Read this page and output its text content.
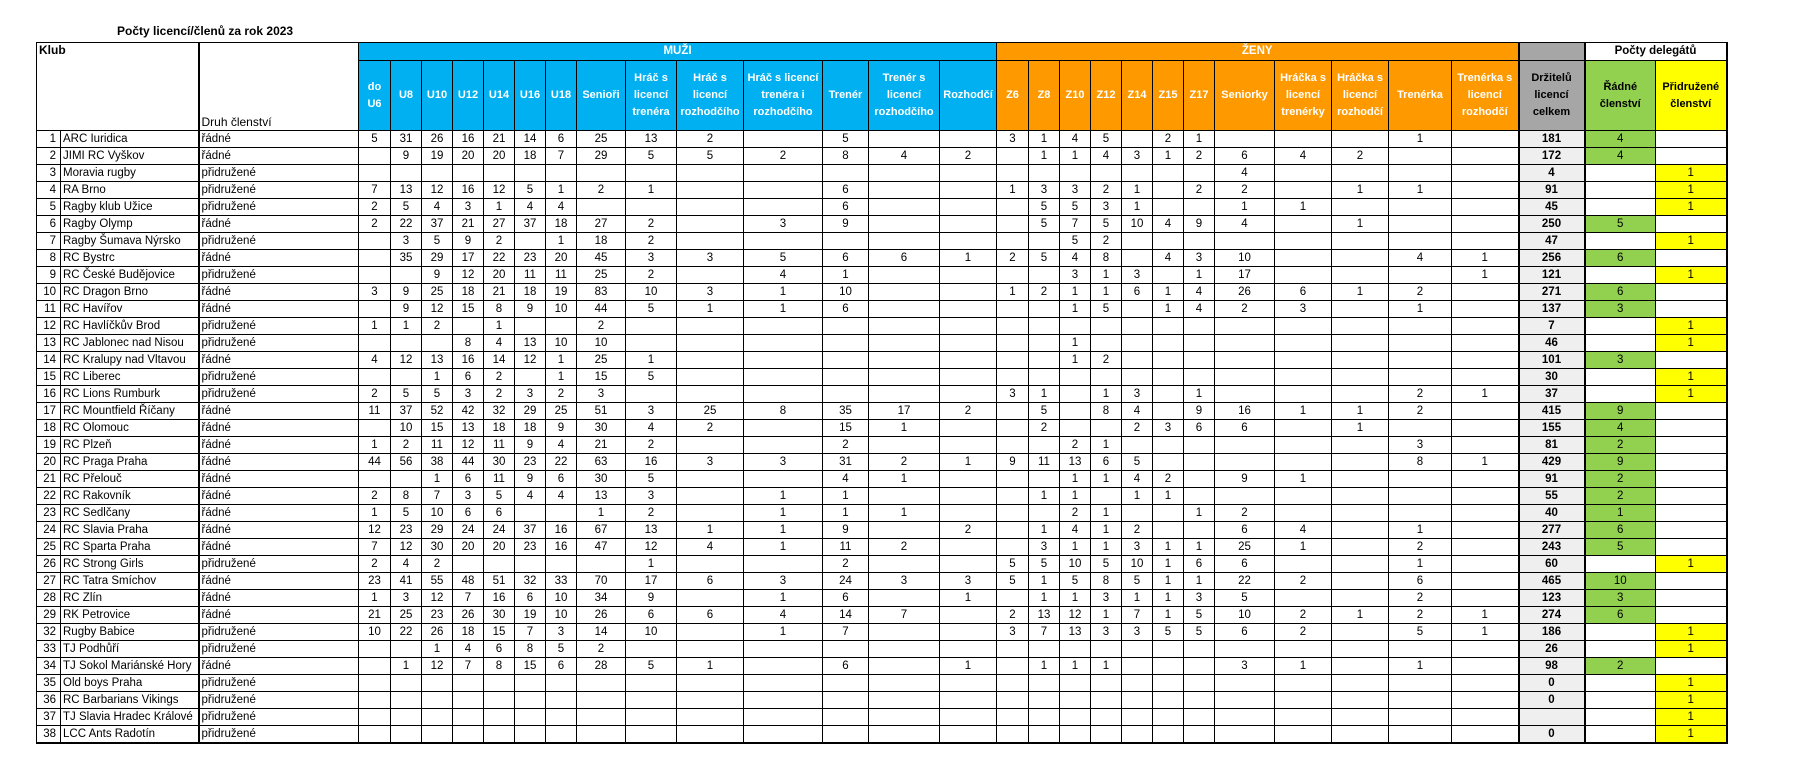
Počty licencí/členů za rok 2023
Klub		Druh členství	MUŽI														ŽENY													Počty delegátů	
			do U6	U8	U10	U12	U14	U16	U18	Senioři	Hráč s licencí trenéra	Hráč s licencí rozhodčího	Hráč s licencí trenéra i rozhodčího	Trenér	Trenér s licencí rozhodčího	Rozhodčí	Z6	Z8	Z10	Z12	Z14	Z15	Z17	Seniorky	Hráčka s licencí trenérky	Hráčka s licencí rozhodčí	Trenérka	Trenérka s licencí rozhodčí	Držitelů licencí celkem	Řádné členství	Přidružené členství
1	ARC Iuridica	řádné	5	31	26	16	21	14	6	25	13	2		5			3	1	4	5		2	1				1		181	4	
2	JIMI RC Vyškov	řádné		9	19	20	20	18	7	29	5	5	2	8	4	2		1	1	4	3	1	2	6	4	2			172	4	
3	Moravia rugby	přidružené																						4					4		1
4	RA Brno	přidružené	7	13	12	16	12	5	1	2	1			6			1	3	3	2	1		2	2		1	1		91		1
5	Ragby klub Užice	přidružené	2	5	4	3	1	4	4					6				5	5	3	1			1	1				45		1
6	Ragby Olymp	řádné	2	22	37	21	27	37	18	27	2		3	9				5	7	5	10	4	9	4		1			250	5	
7	Ragby Šumava Nýrsko	přidružené		3	5	9	2		1	18	2								5	2									47		1
8	RC Bystrc	řádné		35	29	17	22	23	20	45	3	3	5	6	6	1	2	5	4	8		4	3	10			4	1	256	6	
9	RC České Budějovice	přidružené			9	12	20	11	11	25	2		4	1					3	1	3		1	17				1	121		1
10	RC Dragon Brno	řádné	3	9	25	18	21	18	19	83	10	3	1	10			1	2	1	1	6	1	4	26	6	1	2		271	6	
11	RC Havířov	řádné		9	12	15	8	9	10	44	5	1	1	6					1	5		1	4	2	3		1		137	3	
12	RC Havlíčkův Brod	přidružené	1	1	2		1			2																			7		1
13	RC Jablonec nad Nisou	přidružené				8	4	13	10	10									1										46		1
14	RC Kralupy nad Vltavou	řádné	4	12	13	16	14	12	1	25	1								1	2									101	3	
15	RC Liberec	přidružené			1	6	2		1	15	5																		30		1
16	RC Lions Rumburk	přidružené	2	5	5	3	2	3	2	3							3	1		1	3		1				2	1	37		1
17	RC Mountfield Říčany	řádné	11	37	52	42	32	29	25	51	3	25	8	35	17	2		5		8	4		9	16	1	1	2		415	9	
18	RC Olomouc	řádné		10	15	13	18	18	9	30	4	2		15	1			2			2	3	6	6		1			155	4	
19	RC Plzeň	řádné	1	2	11	12	11	9	4	21	2			2					2	1							3		81	2	
20	RC Praga Praha	řádné	44	56	38	44	30	23	22	63	16	3	3	31	2	1	9	11	13	6	5						8	1	429	9	
21	RC Přelouč	řádné			1	6	11	9	6	30	5			4	1				1	1	4	2		9	1				91	2	
22	RC Rakovník	řádné	2	8	7	3	5	4	4	13	3		1	1				1	1		1	1							55	2	
23	RC Sedlčany	řádné	1	5	10	6	6			1	2		1	1	1				2	1			1	2					40	1	
24	RC Slavia Praha	řádné	12	23	29	24	24	37	16	67	13	1	1	9		2		1	4	1	2			6	4		1		277	6	
25	RC Sparta Praha	řádné	7	12	30	20	20	23	16	47	12	4	1	11	2			3	1	1	3	1	1	25	1		2		243	5	
26	RC Strong Girls	přidružené	2	4	2						1			2			5	5	10	5	10	1	6	6			1		60		1
27	RC Tatra Smíchov	řádné	23	41	55	48	51	32	33	70	17	6	3	24	3	3	5	1	5	8	5	1	1	22	2		6		465	10	
28	RC Zlín	řádné	1	3	12	7	16	6	10	34	9		1	6		1		1	1	3	1	1	3	5			2		123	3	
29	RK Petrovice	řádné	21	25	23	26	30	19	10	26	6	6	4	14	7		2	13	12	1	7	1	5	10	2	1	2	1	274	6	
32	Rugby Babice	přidružené	10	22	26	18	15	7	3	14	10		1	7			3	7	13	3	3	5	5	6	2		5	1	186		1
33	TJ Podhůří	přidružené			1	4	6	8	5	2																			26		1
34	TJ Sokol Mariánské Hory	řádné		1	12	7	8	15	6	28	5	1		6		1		1	1	1				3	1		1		98	2	
35	Old boys Praha	přidružené																											0		1
36	RC Barbarians Vikings	přidružené																											0		1
37	TJ Slavia Hradec Králové	přidružené																													1
38	LCC Ants Radotín	přidružené																											0		1
